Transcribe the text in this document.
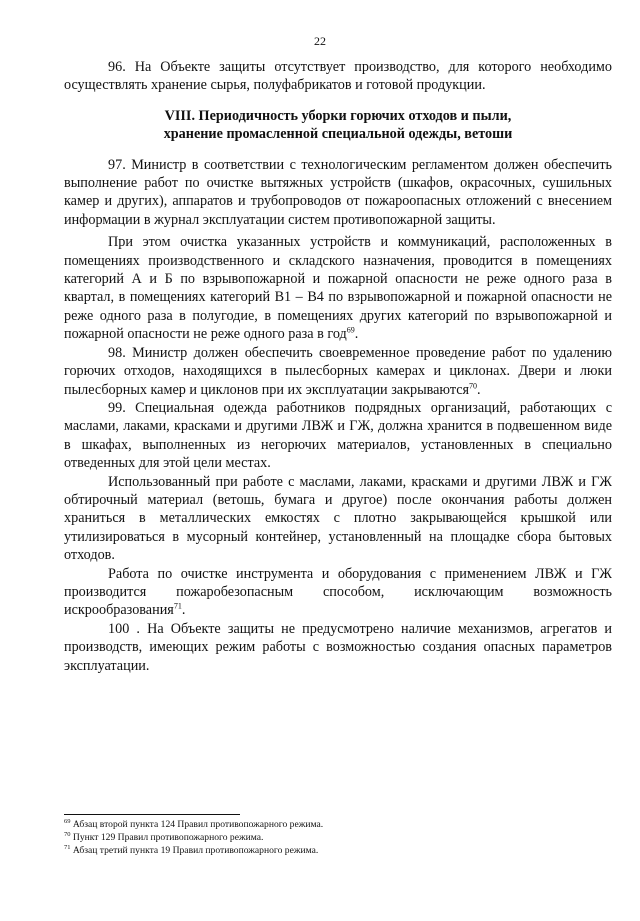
22

96. На Объекте защиты отсутствует производство, для которого необходимо осуществлять хранение сырья, полуфабрикатов и готовой продукции.

VIII. Периодичность уборки горючих отходов и пыли,
хранение промасленной специальной одежды, ветоши

97. Министр в соответствии с технологическим регламентом должен обеспечить выполнение работ по очистке вытяжных устройств (шкафов, окрасочных, сушильных камер и других), аппаратов и трубопроводов от пожароопасных отложений с внесением информации в журнал эксплуатации систем противопожарной защиты.

При этом очистка указанных устройств и коммуникаций, расположенных в помещениях производственного и складского назначения, проводится в помещениях категорий А и Б по взрывопожарной и пожарной опасности не реже одного раза в квартал, в помещениях категорий В1 – В4 по взрывопожарной и пожарной опасности не реже одного раза в полугодие, в помещениях других категорий по взрывопожарной и пожарной опасности не реже одного раза в год$^{69}$.

98. Министр должен обеспечить своевременное проведение работ по удалению горючих отходов, находящихся в пылесборных камерах и циклонах. Двери и люки пылесборных камер и циклонов при их эксплуатации закрываются$^{70}$.

99. Специальная одежда работников подрядных организаций, работающих с маслами, лаками, красками и другими ЛВЖ и ГЖ, должна хранится в подвешенном виде в шкафах, выполненных из негорючих материалов, установленных в специально отведенных для этой цели местах.

Использованный при работе с маслами, лаками, красками и другими ЛВЖ и ГЖ обтирочный материал (ветошь, бумага и другое) после окончания работы должен храниться в металлических емкостях с плотно закрывающейся крышкой или утилизироваться в мусорный контейнер, установленный на площадке сбора бытовых отходов.

Работа по очистке инструмента и оборудования с применением ЛВЖ и ГЖ производится пожаробезопасным способом, исключающим возможность искрообразования$^{71}$.

100 . На Объекте защиты не предусмотрено наличие механизмов, агрегатов и производств, имеющих режим работы с возможностью создания опасных параметров эксплуатации.

$^{69}$ Абзац второй пункта 124 Правил противопожарного режима.
$^{70}$ Пункт 129 Правил противопожарного режима.
$^{71}$ Абзац третий пункта 19 Правил противопожарного режима.
